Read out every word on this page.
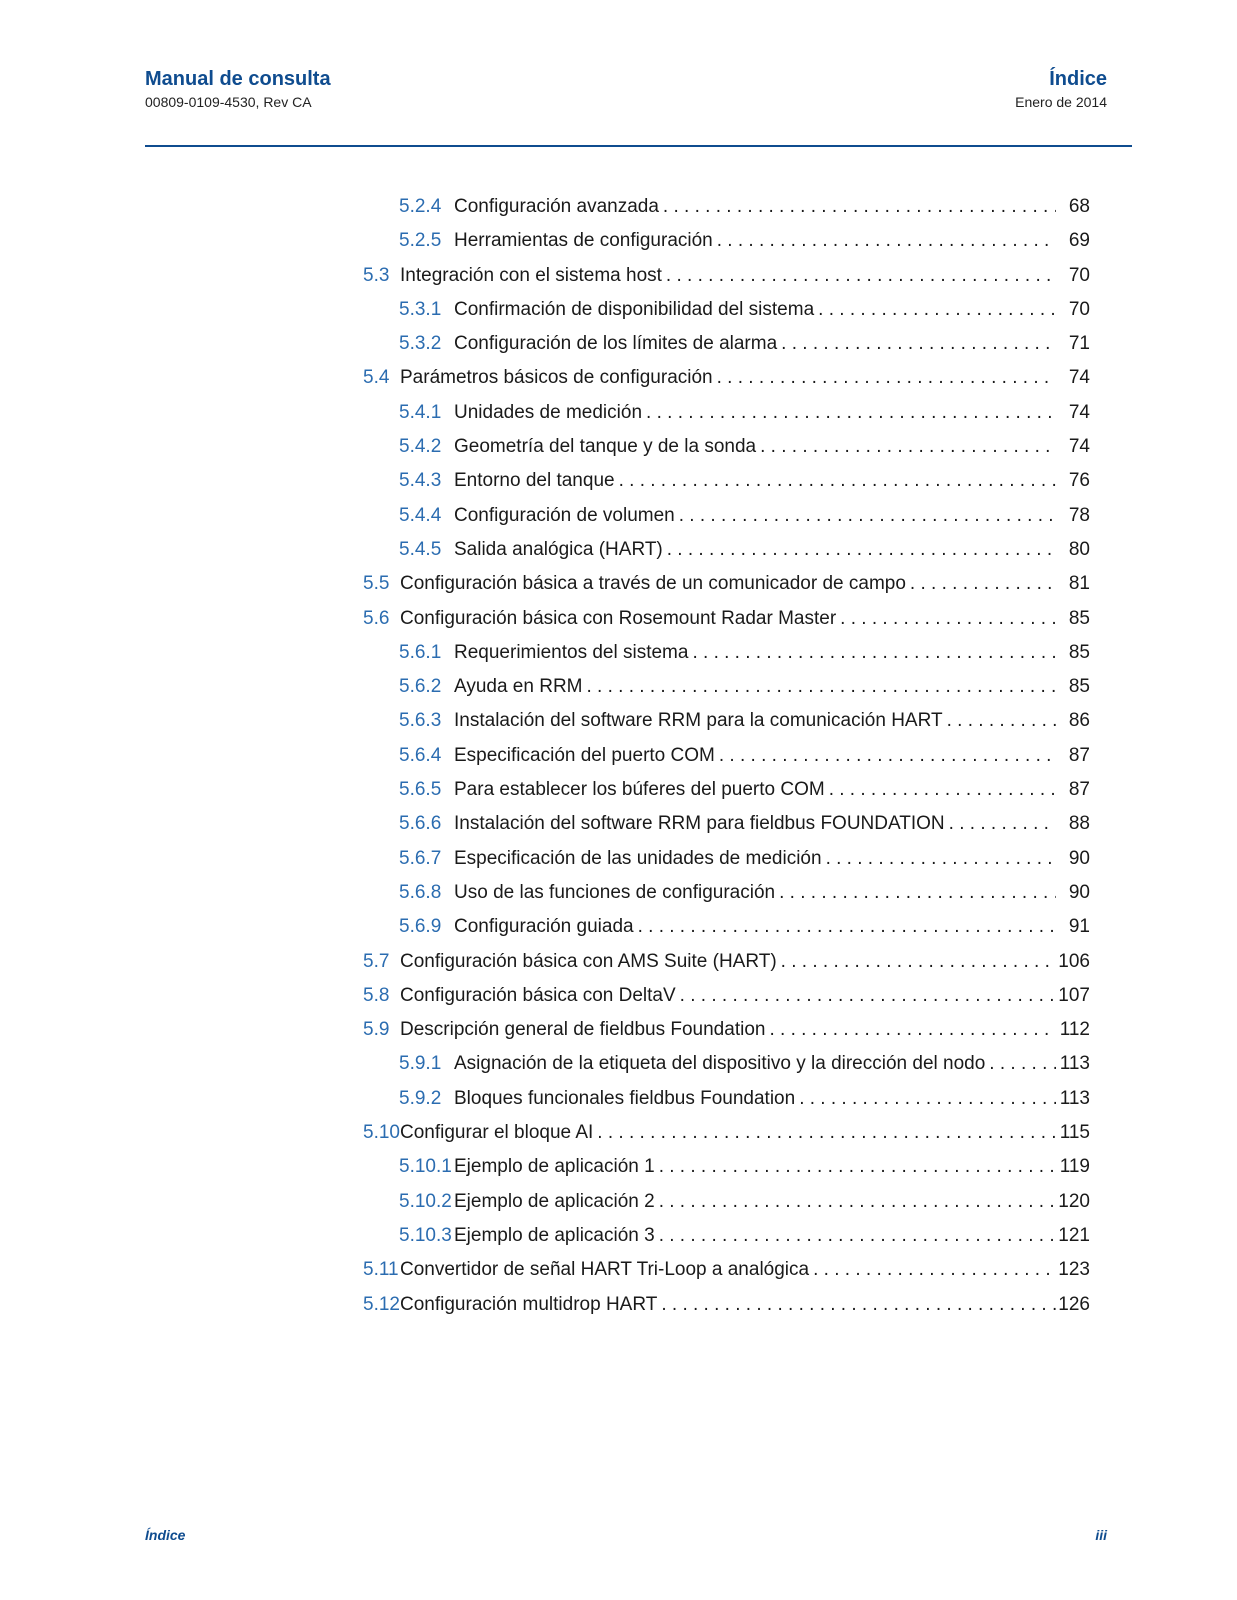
Manual de consulta
00809-0109-4530, Rev CA
Índice
Enero de 2014
5.2.4 Configuración avanzada . . .	68
5.2.5 Herramientas de configuración . . .	69
5.3 Integración con el sistema host . . .	70
5.3.1 Confirmación de disponibilidad del sistema . . .	70
5.3.2 Configuración de los límites de alarma . . .	71
5.4 Parámetros básicos de configuración . . .	74
5.4.1 Unidades de medición . . .	74
5.4.2 Geometría del tanque y de la sonda . . .	74
5.4.3 Entorno del tanque . . .	76
5.4.4 Configuración de volumen . . .	78
5.4.5 Salida analógica (HART) . . .	80
5.5 Configuración básica a través de un comunicador de campo . . .	81
5.6 Configuración básica con Rosemount Radar Master . . .	85
5.6.1 Requerimientos del sistema . . .	85
5.6.2 Ayuda en RRM . . .	85
5.6.3 Instalación del software RRM para la comunicación HART . . .	86
5.6.4 Especificación del puerto COM . . .	87
5.6.5 Para establecer los búferes del puerto COM . . .	87
5.6.6 Instalación del software RRM para fieldbus FOUNDATION . . .	88
5.6.7 Especificación de las unidades de medición . . .	90
5.6.8 Uso de las funciones de configuración . . .	90
5.6.9 Configuración guiada . . .	91
5.7 Configuración básica con AMS Suite (HART) . . .	106
5.8 Configuración básica con DeltaV . . .	107
5.9 Descripción general de fieldbus Foundation . . .	112
5.9.1 Asignación de la etiqueta del dispositivo y la dirección del nodo . . .	113
5.9.2 Bloques funcionales fieldbus Foundation . . .	113
5.10 Configurar el bloque AI . . .	115
5.10.1 Ejemplo de aplicación 1 . . .	119
5.10.2 Ejemplo de aplicación 2 . . .	120
5.10.3 Ejemplo de aplicación 3 . . .	121
5.11 Convertidor de señal HART Tri-Loop a analógica . . .	123
5.12 Configuración multidrop HART . . .	126
Índice	iii
